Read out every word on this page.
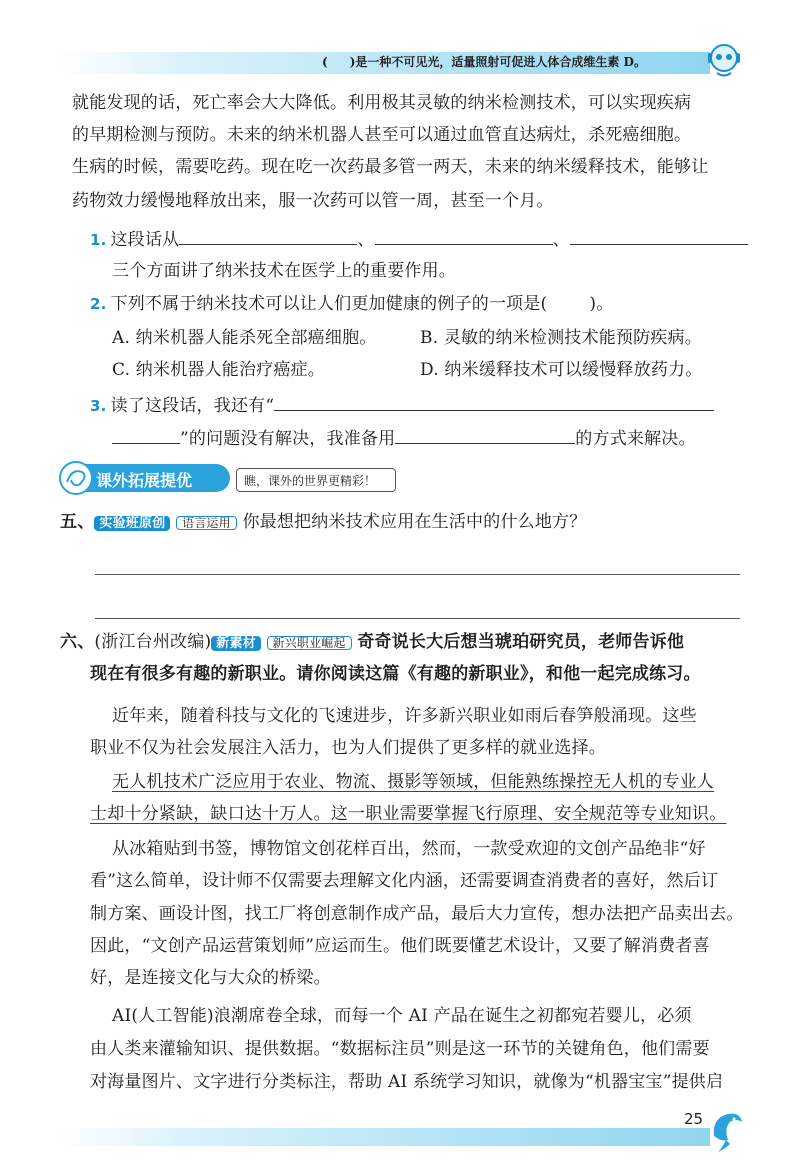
( )是一种不可见光，适量照射可促进人体合成维生素 D。
就能发现的话，死亡率会大大降低。利用极其灵敏的纳米检测技术，可以实现疾病
的早期检测与预防。未来的纳米机器人甚至可以通过血管直达病灶，杀死癌细胞。
生病的时候，需要吃药。现在吃一次药最多管一两天，未来的纳米缓释技术，能够让
药物效力缓慢地释放出来，服一次药可以管一周，甚至一个月。
1. 这段话从	、	、
三个方面讲了纳米技术在医学上的重要作用。
2. 下列不属于纳米技术可以让人们更加健康的例子的一项是( )。
A. 纳米机器人能杀死全部癌细胞。	B. 灵敏的纳米检测技术能预防疾病。
C. 纳米机器人能治疗癌症。	D. 纳米缓释技术可以缓慢释放药力。
3. 读了这段话，我还有“
”的问题没有解决，我准备用	的方式来解决。
课外拓展提优	瞧，课外的世界更精彩！
五、 实验班原创 语言运用 你最想把纳米技术应用在生活中的什么地方？
六、(浙江台州改编) 新素材 新兴职业崛起 奇奇说长大后想当琥珀研究员，老师告诉他
现在有很多有趣的新职业。请你阅读这篇《有趣的新职业》，和他一起完成练习。
近年来，随着科技与文化的飞速进步，许多新兴职业如雨后春笋般涌现。这些
职业不仅为社会发展注入活力，也为人们提供了更多样的就业选择。
无人机技术广泛应用于农业、物流、摄影等领域，但能熟练操控无人机的专业人
士却十分紧缺，缺口达十万人。这一职业需要掌握飞行原理、安全规范等专业知识。
从冰箱贴到书签，博物馆文创花样百出，然而，一款受欢迎的文创产品绝非“好
看”这么简单，设计师不仅需要去理解文化内涵，还需要调查消费者的喜好，然后订
制方案、画设计图，找工厂将创意制作成产品，最后大力宣传，想办法把产品卖出去。
因此，“文创产品运营策划师”应运而生。他们既要懂艺术设计，又要了解消费者喜
好，是连接文化与大众的桥梁。
AI(人工智能)浪潮席卷全球，而每一个 AI 产品在诞生之初都宛若婴儿，必须
由人类来灌输知识、提供数据。“数据标注员”则是这一环节的关键角色，他们需要
对海量图片、文字进行分类标注，帮助 AI 系统学习知识，就像为“机器宝宝”提供启
25
